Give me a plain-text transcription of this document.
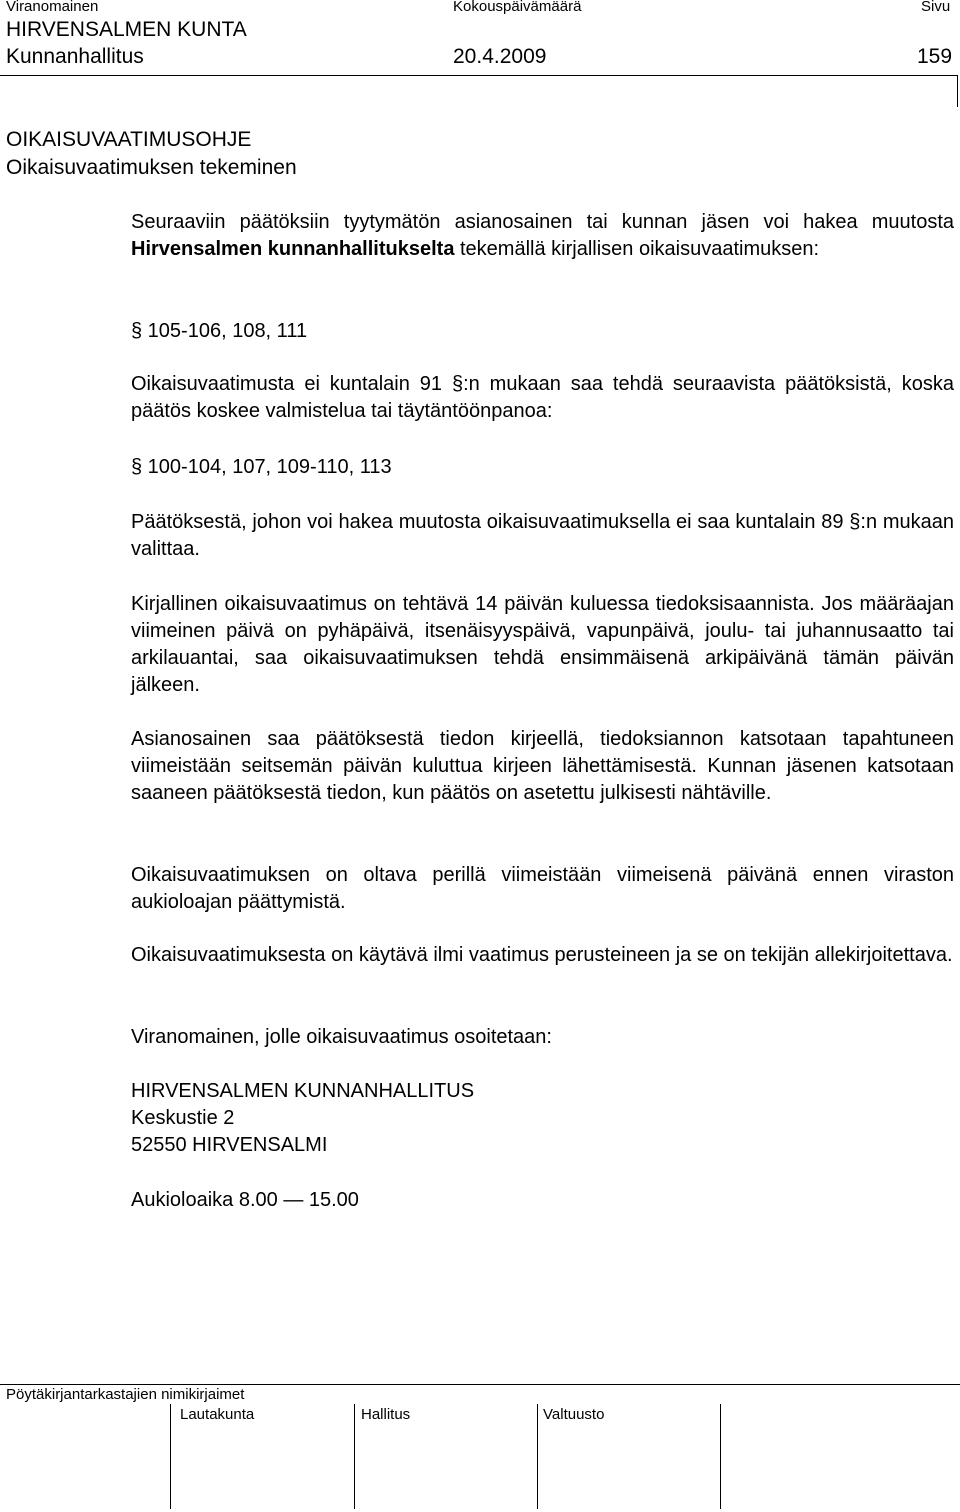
Viranomainen	Kokouspäivämäärä	Sivu

HIRVENSALMEN KUNTA

Kunnanhallitus	20.4.2009	159

OIKAISUVAATIMUSOHJE

Oikaisuvaatimuksen tekeminen

Seuraaviin päätöksiin tyytymätön asianosainen tai kunnan jäsen voi hakea muutosta Hirvensalmen kunnanhallitukselta tekemällä kirjallisen oikaisuvaatimuksen:

§ 105-106, 108, 111

Oikaisuvaatimusta ei kuntalain 91 §:n mukaan saa tehdä seuraavista päätöksistä, koska päätös koskee valmistelua tai täytäntöönpanoa:

§ 100-104, 107, 109-110, 113

Päätöksestä, johon voi hakea muutosta oikaisuvaatimuksella ei saa kuntalain 89 §:n mukaan valittaa.

Kirjallinen oikaisuvaatimus on tehtävä 14 päivän kuluessa tiedoksisaannista. Jos määräajan viimeinen päivä on pyhäpäivä, itsenäisyyspäivä, vapunpäivä, joulu- tai juhannusaatto tai arkilauantai, saa oikaisuvaatimuksen tehdä ensimmäisenä arkipäivänä tämän päivän jälkeen.

Asianosainen saa päätöksestä tiedon kirjeellä, tiedoksiannon katsotaan tapahtuneen viimeistään seitsemän päivän kuluttua kirjeen lähettämisestä. Kunnan jäsenen katsotaan saaneen päätöksestä tiedon, kun päätös on asetettu julkisesti nähtäville.

Oikaisuvaatimuksen on oltava perillä viimeistään viimeisenä päivänä ennen viraston aukioloajan päättymistä.

Oikaisuvaatimuksesta on käytävä ilmi vaatimus perusteineen ja se on tekijän allekirjoitettava.

Viranomainen, jolle oikaisuvaatimus osoitetaan:

HIRVENSALMEN KUNNANHALLITUS

Keskustie 2

52550 HIRVENSALMI

Aukioloaika 8.00 — 15.00

Pöytäkirjantarkastajien nimikirjaimet

Lautakunta	Hallitus	Valtuusto
